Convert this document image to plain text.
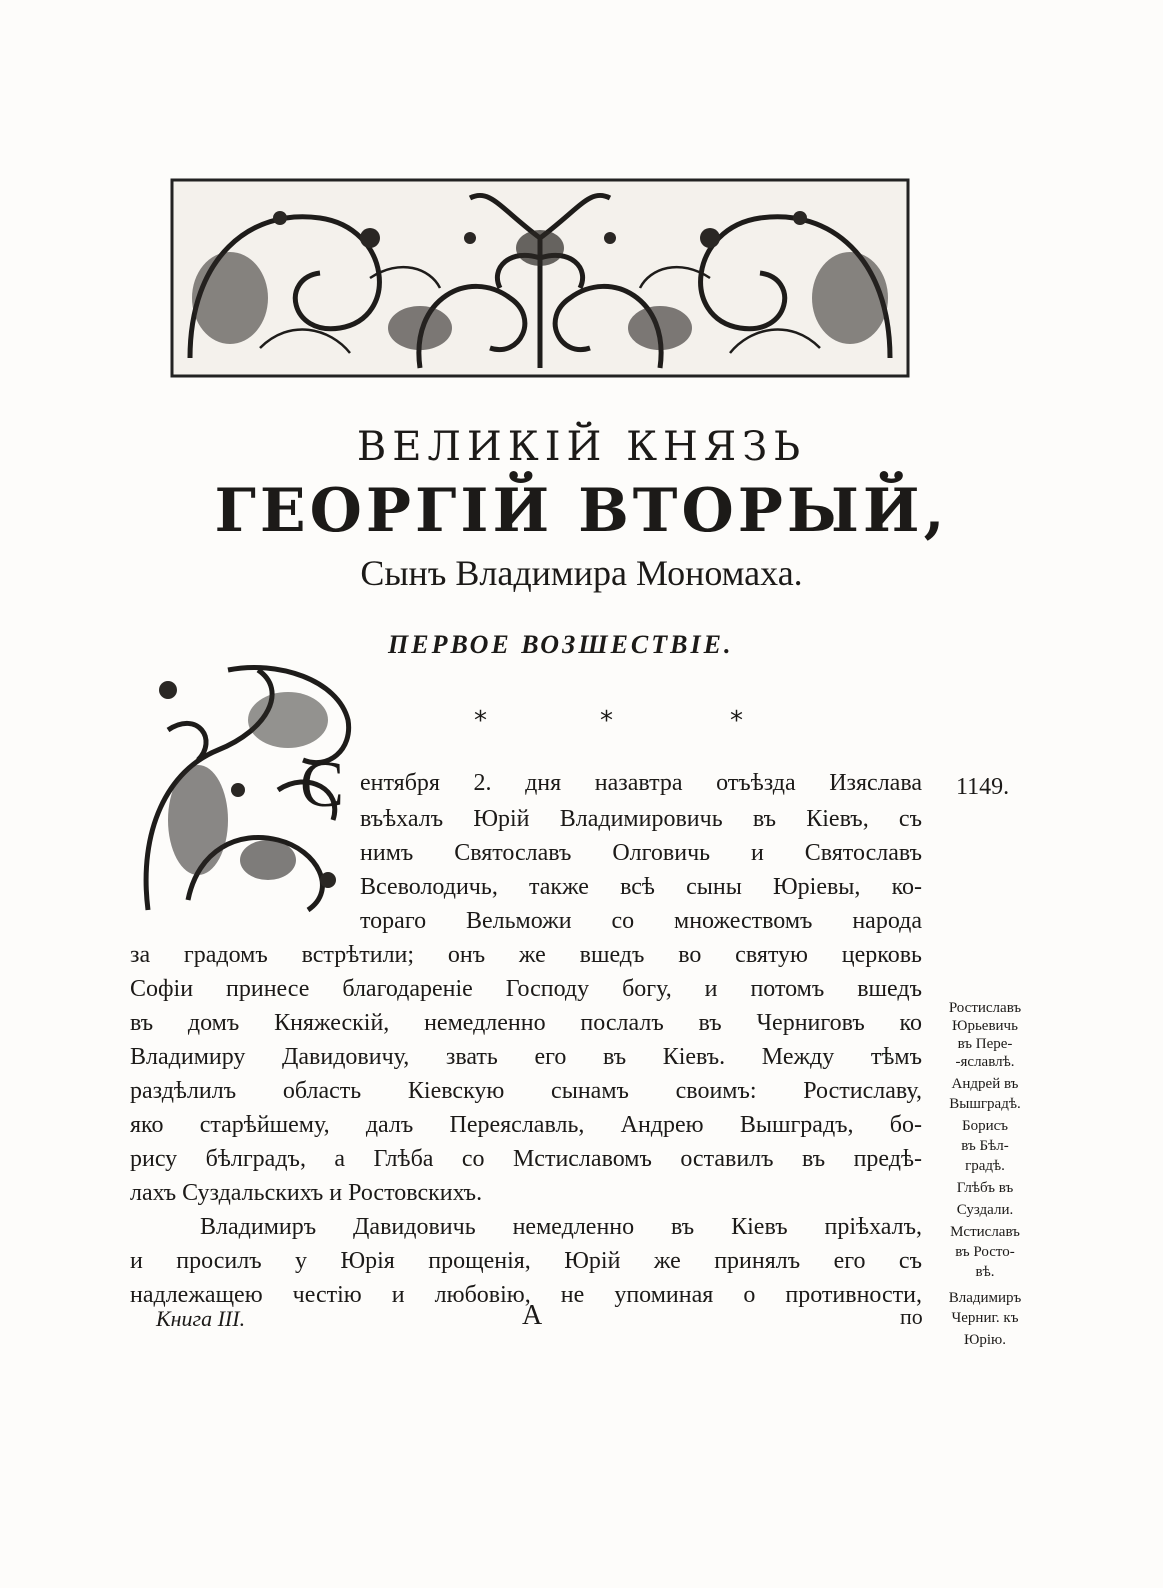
ВЕЛИКIЙ КНЯЗЬ
ГЕОРГIЙ ВТОРЫЙ,
Сынъ Владимира Мономаха.
ПЕРВОЕ ВОЗШЕСТВIЕ.
*	*	*
С	1149.
ентября 2. дня назавтра отъѣзда Изяслава
въѣхалъ Юрiй Владимировичь въ Кiевъ, съ
нимъ Святославъ Олговичь и Святославъ
Всеволодичь, также всѣ сыны Юрiевы, ко-
тораго Вельможи со множествомъ народа
за градомъ встрѣтили; онъ же вшедъ во святую церковь
Софiи принесе благодаренiе Господу богу, и потомъ вшедъ
въ домъ Княжескiй, немедленно послалъ въ Черниговъ ко
Владимиру Давидовичу, звать его въ Кiевъ. Между тѣмъ
раздѣлилъ область Кiевскую сынамъ своимъ: Ростиславу,
яко старѣйшему, далъ Переяславль, Андрею Вышградъ, бо-
рису бѣлградъ, а Глѣба со Мстиславомъ оставилъ въ предѣ-
лахъ Суздальскихъ и Ростовскихъ.
Владимиръ Давидовичь немедленно въ Кiевъ прiѣхалъ,
и просилъ у Юрiя прощенiя, Юрiй же принялъ его съ
надлежащею честiю и любовiю, не упоминая о противности,
Ростиславъ
Юрьевичь
въ Пере-
-яславлѣ.
Андрей въ
Вышградѣ.
Борисъ
въ Бѣл-
градѣ.
Глѣбъ въ
Суздали.
Мстиславъ
въ Росто-
вѣ.
Владимиръ
Черниг. къ
Юрiю.
Книга III.	А	по
